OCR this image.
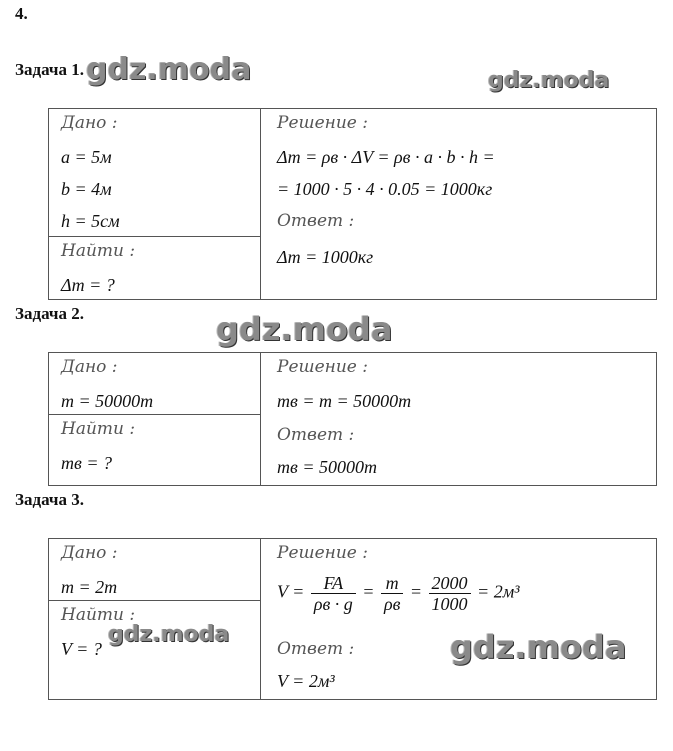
4.
Задача 1.
Дано :
a = 5м
b = 4м
h = 5см
Найти :
Δm = ?
Решение :
Δm = ρв · ΔV = ρв · a · b · h =
= 1000 · 5 · 4 · 0.05 = 1000кг
Ответ :
Δm = 1000кг
Задача 2.
Дано :
m = 50000т
Найти :
mв = ?
Решение :
mв = m = 50000т
Ответ :
mв = 50000т
Задача 3.
Дано :
m = 2т
Найти :
V = ?
Решение :
$V = \frac{FA}{\rho в \cdot g} = \frac{m}{\rho в} = \frac{2000}{1000} = 2м^3$
Ответ :
V = 2м³
gdz.moda	gdz.moda
gdz.moda
gdz.moda	gdz.moda
